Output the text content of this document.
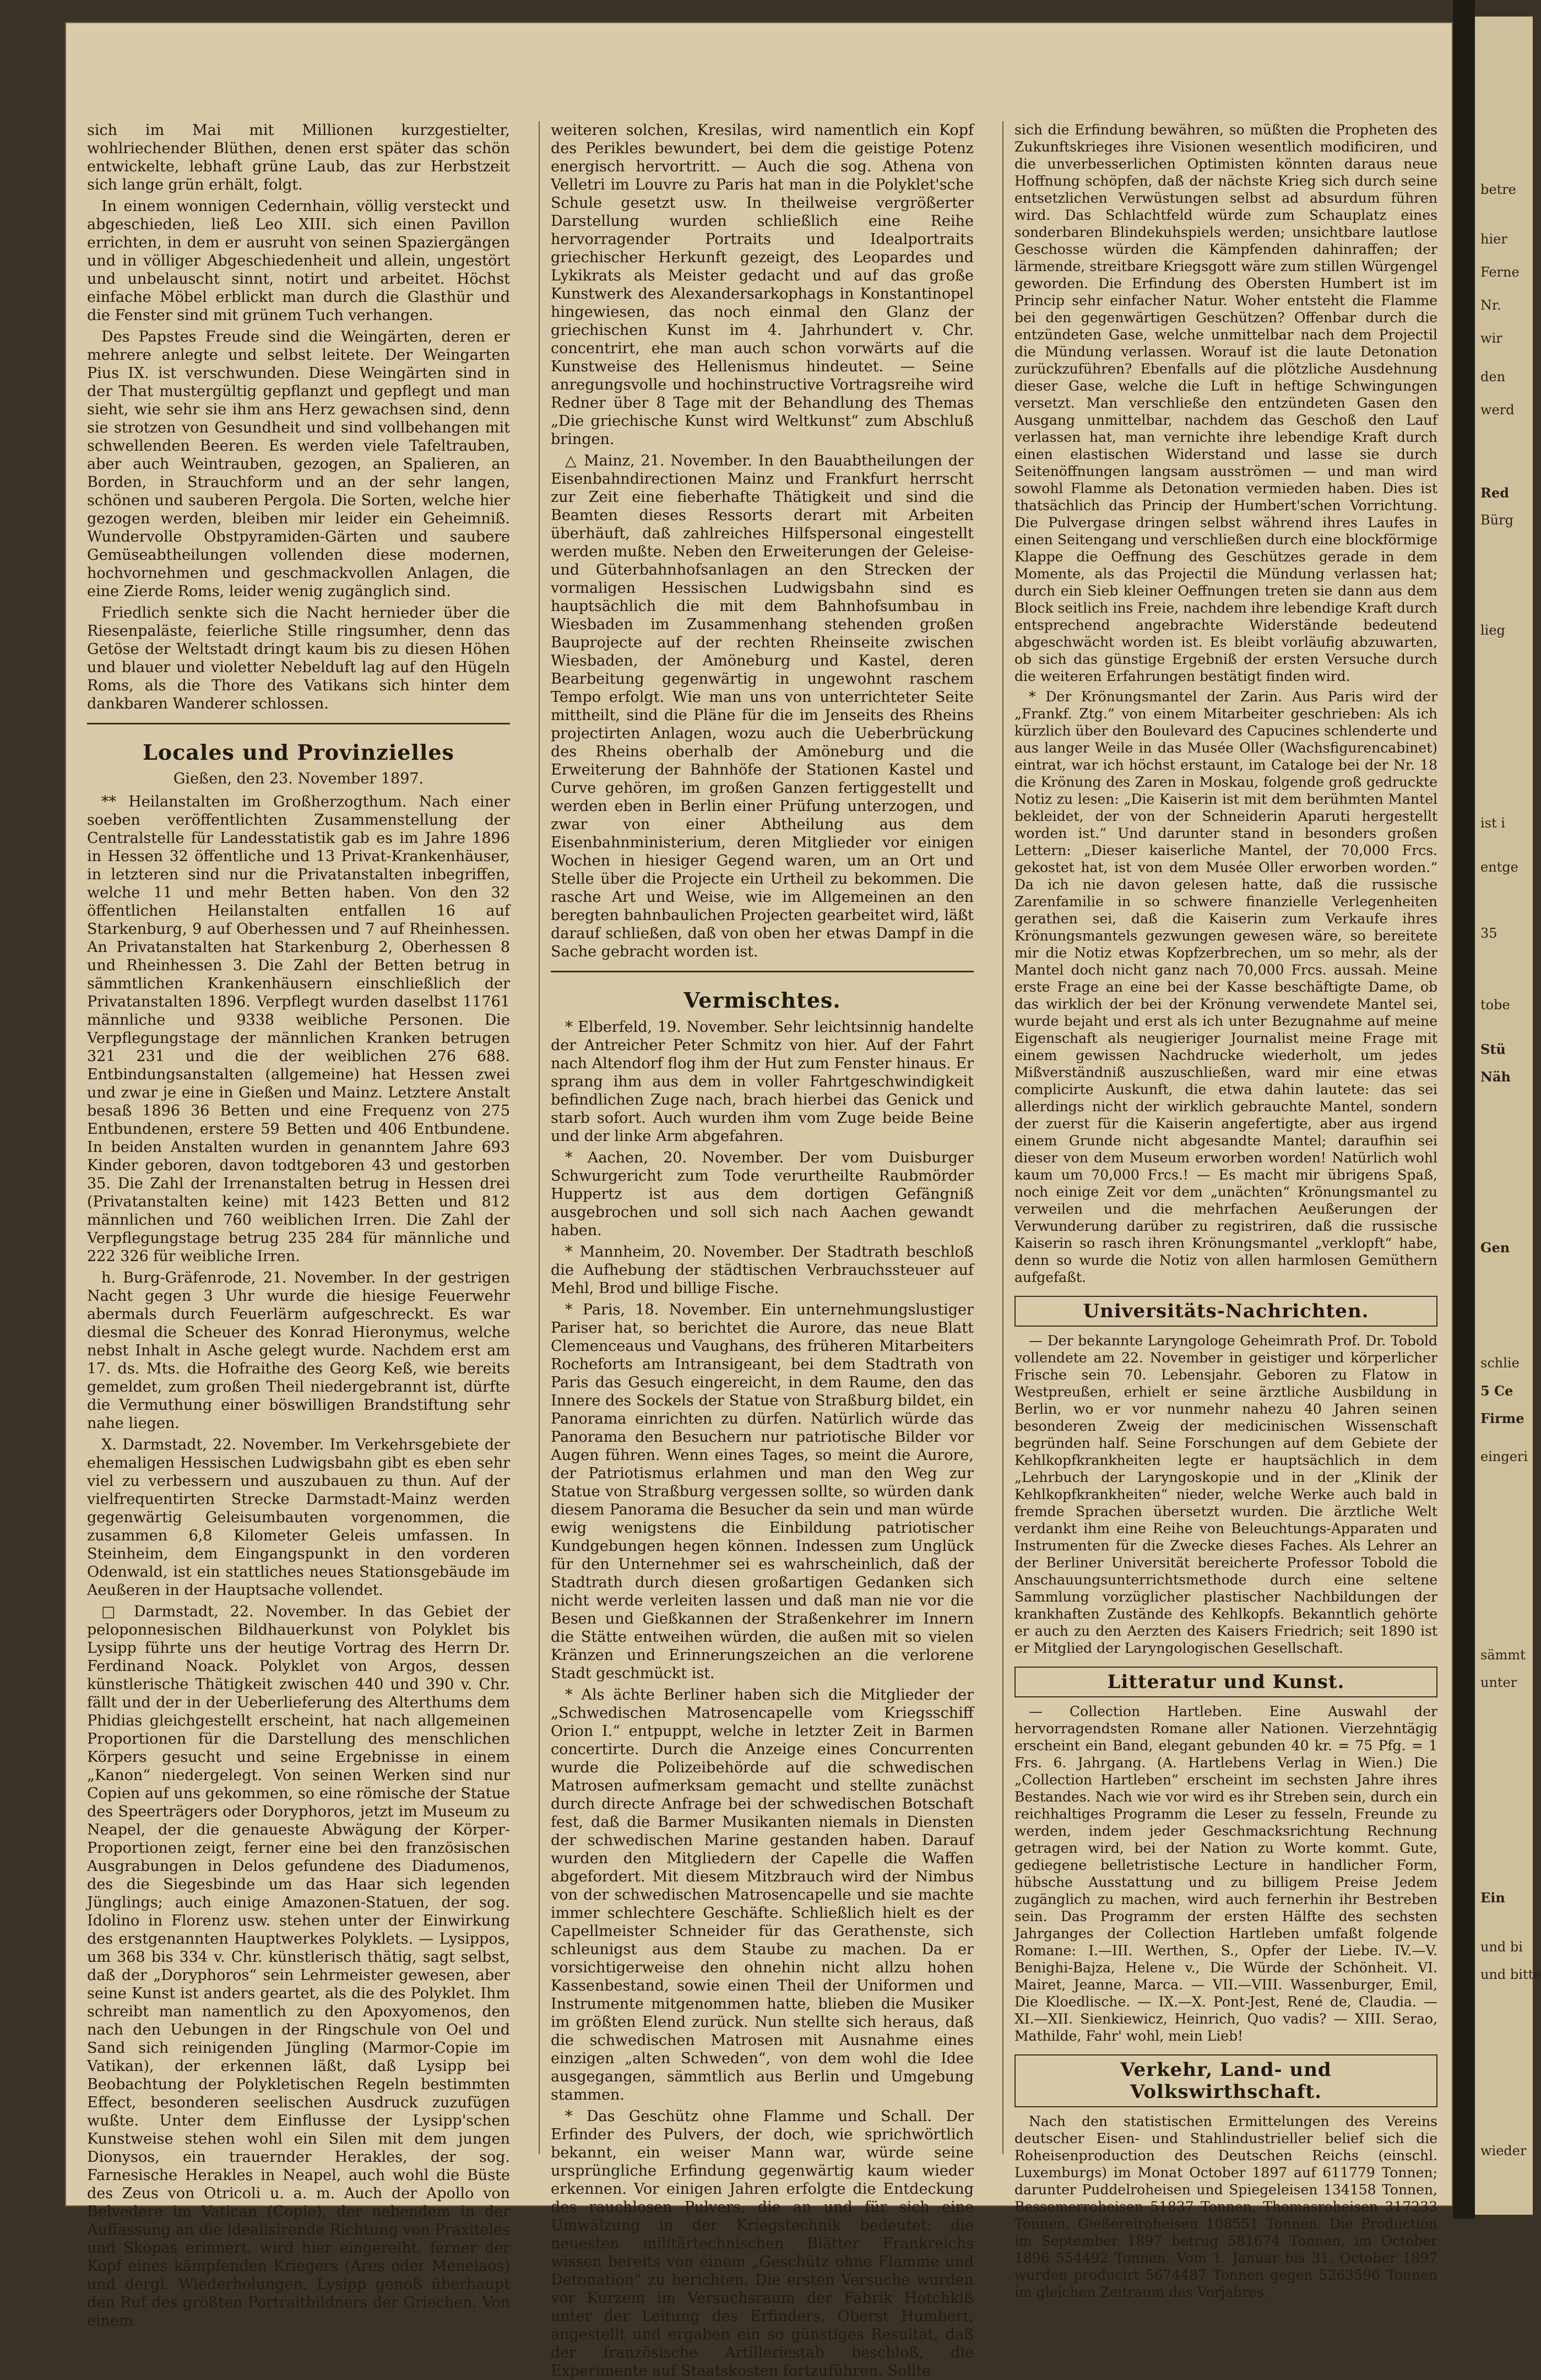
sich im Mai mit Millionen kurzgestielter, wohlriechender Blüthen, denen erst später das schön entwickelte, lebhaft grüne Laub, das zur Herbstzeit sich lange grün erhält, folgt.

In einem wonnigen Cedernhain, völlig versteckt und abgeschieden, ließ Leo XIII. sich einen Pavillon errichten, in dem er ausruht von seinen Spaziergängen und in völliger Abgeschiedenheit und allein, ungestört und unbelauscht sinnt, notirt und arbeitet. Höchst einfache Möbel erblickt man durch die Glasthür und die Fenster sind mit grünem Tuch verhangen.

Des Papstes Freude sind die Weingärten, deren er mehrere anlegte und selbst leitete. Der Weingarten Pius IX. ist verschwunden. Diese Weingärten sind in der That mustergültig gepflanzt und gepflegt und man sieht, wie sehr sie ihm ans Herz gewachsen sind, denn sie strotzen von Gesundheit und sind vollbehangen mit schwellenden Beeren. Es werden viele Tafeltrauben, aber auch Weintrauben, gezogen, an Spalieren, an Borden, in Strauchform und an der sehr langen, schönen und sauberen Pergola. Die Sorten, welche hier gezogen werden, bleiben mir leider ein Geheimniß. Wundervolle Obstpyramiden-Gärten und saubere Gemüseabtheilungen vollenden diese modernen, hochvornehmen und geschmackvollen Anlagen, die eine Zierde Roms, leider wenig zugänglich sind.

Friedlich senkte sich die Nacht hernieder über die Riesenpaläste, feierliche Stille ringsumher, denn das Getöse der Weltstadt dringt kaum bis zu diesen Höhen und blauer und violetter Nebelduft lag auf den Hügeln Roms, als die Thore des Vatikans sich hinter dem dankbaren Wanderer schlossen.

Locales und Provinzielles
Gießen, den 23. November 1897.

** Heilanstalten im Großherzogthum. Nach einer soeben veröffentlichten Zusammenstellung der Centralstelle für Landesstatistik gab es im Jahre 1896 in Hessen 32 öffentliche und 13 Privat-Krankenhäuser, in letzteren sind nur die Privatanstalten inbegriffen, welche 11 und mehr Betten haben. Von den 32 öffentlichen Heilanstalten entfallen 16 auf Starkenburg, 9 auf Oberhessen und 7 auf Rheinhessen. An Privatanstalten hat Starkenburg 2, Oberhessen 8 und Rheinhessen 3. Die Zahl der Betten betrug in sämmtlichen Krankenhäusern einschließlich der Privatanstalten 1896. Verpflegt wurden daselbst 11761 männliche und 9338 weibliche Personen. Die Verpflegungstage der männlichen Kranken betrugen 321 231 und die der weiblichen 276 688. Entbindungsanstalten (allgemeine) hat Hessen zwei und zwar je eine in Gießen und Mainz. Letztere Anstalt besaß 1896 36 Betten und eine Frequenz von 275 Entbundenen, erstere 59 Betten und 406 Entbundene. In beiden Anstalten wurden in genanntem Jahre 693 Kinder geboren, davon todtgeboren 43 und gestorben 35. Die Zahl der Irrenanstalten betrug in Hessen drei (Privatanstalten keine) mit 1423 Betten und 812 männlichen und 760 weiblichen Irren. Die Zahl der Verpflegungstage betrug 235 284 für männliche und 222 326 für weibliche Irren.

h. Burg-Gräfenrode, 21. November. In der gestrigen Nacht gegen 3 Uhr wurde die hiesige Feuerwehr abermals durch Feuerlärm aufgeschreckt. Es war diesmal die Scheuer des Konrad Hieronymus, welche nebst Inhalt in Asche gelegt wurde. Nachdem erst am 17. ds. Mts. die Hofraithe des Georg Keß, wie bereits gemeldet, zum großen Theil niedergebrannt ist, dürfte die Vermuthung einer böswilligen Brandstiftung sehr nahe liegen.

X. Darmstadt, 22. November. Im Verkehrsgebiete der ehemaligen Hessischen Ludwigsbahn gibt es eben sehr viel zu verbessern und auszubauen zu thun. Auf der vielfrequentirten Strecke Darmstadt-Mainz werden gegenwärtig Geleisumbauten vorgenommen, die zusammen 6,8 Kilometer Geleis umfassen. In Steinheim, dem Eingangspunkt in den vorderen Odenwald, ist ein stattliches neues Stationsgebäude im Aeußeren in der Hauptsache vollendet.

□ Darmstadt, 22. November. In das Gebiet der peloponnesischen Bildhauerkunst von Polyklet bis Lysipp führte uns der heutige Vortrag des Herrn Dr. Ferdinand Noack. Polyklet von Argos, dessen künstlerische Thätigkeit zwischen 440 und 390 v. Chr. fällt und der in der Ueberlieferung des Alterthums dem Phidias gleichgestellt erscheint, hat nach allgemeinen Proportionen für die Darstellung des menschlichen Körpers gesucht und seine Ergebnisse in einem „Kanon“ niedergelegt. Von seinen Werken sind nur Copien auf uns gekommen, so eine römische der Statue des Speerträgers oder Doryphoros, jetzt im Museum zu Neapel, der die genaueste Abwägung der Körper-Proportionen zeigt, ferner eine bei den französischen Ausgrabungen in Delos gefundene des Diadumenos, des die Siegesbinde um das Haar sich legenden Jünglings; auch einige Amazonen-Statuen, der sog. Idolino in Florenz usw. stehen unter der Einwirkung des erstgenannten Hauptwerkes Polyklets. — Lysippos, um 368 bis 334 v. Chr. künstlerisch thätig, sagt selbst, daß der „Doryphoros“ sein Lehrmeister gewesen, aber seine Kunst ist anders geartet, als die des Polyklet. Ihm schreibt man namentlich zu den Apoxyomenos, den nach den Uebungen in der Ringschule von Oel und Sand sich reinigenden Jüngling (Marmor-Copie im Vatikan), der erkennen läßt, daß Lysipp bei Beobachtung der Polykletischen Regeln bestimmten Effect, besonderen seelischen Ausdruck zuzufügen wußte. Unter dem Einflusse der Lysipp'schen Kunstweise stehen wohl ein Silen mit dem jungen Dionysos, ein trauernder Herakles, der sog. Farnesische Herakles in Neapel, auch wohl die Büste des Zeus von Otricoli u. a. m. Auch der Apollo von Belvedere im Vatican (Copie), der nebendem in der Auffassung an die idealisirende Richtung von Praxiteles und Skopas erinnert, wird hier eingereiht, ferner der Kopf eines kämpfenden Kriegers (Ares oder Menelaos) und dergl. Wiederholungen. Lysipp genoß überhaupt den Ruf des größten Portraitbildners der Griechen. Von einem

weiteren solchen, Kresilas, wird namentlich ein Kopf des Perikles bewundert, bei dem die geistige Potenz energisch hervortritt. — Auch die sog. Athena von Velletri im Louvre zu Paris hat man in die Polyklet'sche Schule gesetzt usw. In theilweise vergrößerter Darstellung wurden schließlich eine Reihe hervorragender Portraits und Idealportraits griechischer Herkunft gezeigt, des Leopardes und Lykikrats als Meister gedacht und auf das große Kunstwerk des Alexandersarkophags in Konstantinopel hingewiesen, das noch einmal den Glanz der griechischen Kunst im 4. Jahrhundert v. Chr. concentrirt, ehe man auch schon vorwärts auf die Kunstweise des Hellenismus hindeutet. — Seine anregungsvolle und hochinstructive Vortragsreihe wird Redner über 8 Tage mit der Behandlung des Themas „Die griechische Kunst wird Weltkunst“ zum Abschluß bringen.

△ Mainz, 21. November. In den Bauabtheilungen der Eisenbahndirectionen Mainz und Frankfurt herrscht zur Zeit eine fieberhafte Thätigkeit und sind die Beamten dieses Ressorts derart mit Arbeiten überhäuft, daß zahlreiches Hilfspersonal eingestellt werden mußte. Neben den Erweiterungen der Geleise- und Güterbahnhofsanlagen an den Strecken der vormaligen Hessischen Ludwigsbahn sind es hauptsächlich die mit dem Bahnhofsumbau in Wiesbaden im Zusammenhang stehenden großen Bauprojecte auf der rechten Rheinseite zwischen Wiesbaden, der Amöneburg und Kastel, deren Bearbeitung gegenwärtig in ungewohnt raschem Tempo erfolgt. Wie man uns von unterrichteter Seite mittheilt, sind die Pläne für die im Jenseits des Rheins projectirten Anlagen, wozu auch die Ueberbrückung des Rheins oberhalb der Amöneburg und die Erweiterung der Bahnhöfe der Stationen Kastel und Curve gehören, im großen Ganzen fertiggestellt und werden eben in Berlin einer Prüfung unterzogen, und zwar von einer Abtheilung aus dem Eisenbahnministerium, deren Mitglieder vor einigen Wochen in hiesiger Gegend waren, um an Ort und Stelle über die Projecte ein Urtheil zu bekommen. Die rasche Art und Weise, wie im Allgemeinen an den beregten bahnbaulichen Projecten gearbeitet wird, läßt darauf schließen, daß von oben her etwas Dampf in die Sache gebracht worden ist.

Vermischtes.

* Elberfeld, 19. November. Sehr leichtsinnig handelte der Antreicher Peter Schmitz von hier. Auf der Fahrt nach Altendorf flog ihm der Hut zum Fenster hinaus. Er sprang ihm aus dem in voller Fahrtgeschwindigkeit befindlichen Zuge nach, brach hierbei das Genick und starb sofort. Auch wurden ihm vom Zuge beide Beine und der linke Arm abgefahren.

* Aachen, 20. November. Der vom Duisburger Schwurgericht zum Tode verurtheilte Raubmörder Huppertz ist aus dem dortigen Gefängniß ausgebrochen und soll sich nach Aachen gewandt haben.

* Mannheim, 20. November. Der Stadtrath beschloß die Aufhebung der städtischen Verbrauchssteuer auf Mehl, Brod und billige Fische.

* Paris, 18. November. Ein unternehmungslustiger Pariser hat, so berichtet die Aurore, das neue Blatt Clemenceaus und Vaughans, des früheren Mitarbeiters Rocheforts am Intransigeant, bei dem Stadtrath von Paris das Gesuch eingereicht, in dem Raume, den das Innere des Sockels der Statue von Straßburg bildet, ein Panorama einrichten zu dürfen. Natürlich würde das Panorama den Besuchern nur patriotische Bilder vor Augen führen. Wenn eines Tages, so meint die Aurore, der Patriotismus erlahmen und man den Weg zur Statue von Straßburg vergessen sollte, so würden dank diesem Panorama die Besucher da sein und man würde ewig wenigstens die Einbildung patriotischer Kundgebungen hegen können. Indessen zum Unglück für den Unternehmer sei es wahrscheinlich, daß der Stadtrath durch diesen großartigen Gedanken sich nicht werde verleiten lassen und daß man nie vor die Besen und Gießkannen der Straßenkehrer im Innern die Stätte entweihen würden, die außen mit so vielen Kränzen und Erinnerungszeichen an die verlorene Stadt geschmückt ist.

* Als ächte Berliner haben sich die Mitglieder der „Schwedischen Matrosencapelle vom Kriegsschiff Orion I.“ entpuppt, welche in letzter Zeit in Barmen concertirte. Durch die Anzeige eines Concurrenten wurde die Polizeibehörde auf die schwedischen Matrosen aufmerksam gemacht und stellte zunächst durch directe Anfrage bei der schwedischen Botschaft fest, daß die Barmer Musikanten niemals in Diensten der schwedischen Marine gestanden haben. Darauf wurden den Mitgliedern der Capelle die Waffen abgefordert. Mit diesem Mitzbrauch wird der Nimbus von der schwedischen Matrosencapelle und sie machte immer schlechtere Geschäfte. Schließlich hielt es der Capellmeister Schneider für das Gerathenste, sich schleunigst aus dem Staube zu machen. Da er vorsichtigerweise den ohnehin nicht allzu hohen Kassenbestand, sowie einen Theil der Uniformen und Instrumente mitgenommen hatte, blieben die Musiker im größten Elend zurück. Nun stellte sich heraus, daß die schwedischen Matrosen mit Ausnahme eines einzigen „alten Schweden“, von dem wohl die Idee ausgegangen, sämmtlich aus Berlin und Umgebung stammen.

* Das Geschütz ohne Flamme und Schall. Der Erfinder des Pulvers, der doch, wie sprichwörtlich bekannt, ein weiser Mann war, würde seine ursprüngliche Erfindung gegenwärtig kaum wieder erkennen. Vor einigen Jahren erfolgte die Entdeckung des rauchlosen Pulvers, die an und für sich eine Umwälzung in der Kriegstechnik bedeutet; die neuesten militärtechnischen Blätter Frankreichs wissen bereits von einem „Geschütz ohne Flamme und Detonation“ zu berichten. Die ersten Versuche wurden vor Kurzem im Versuchsraum der Fabrik Hotchkiß unter der Leitung des Erfinders, Oberst Humbert, angestellt und ergaben ein so günstiges Resultat, daß der französische Artilleriestab beschloß, die Experimente auf Staatskosten fortzuführen. Sollte

sich die Erfindung bewähren, so müßten die Propheten des Zukunftskrieges ihre Visionen wesentlich modificiren, und die unverbesserlichen Optimisten könnten daraus neue Hoffnung schöpfen, daß der nächste Krieg sich durch seine entsetzlichen Verwüstungen selbst ad absurdum führen wird. Das Schlachtfeld würde zum Schauplatz eines sonderbaren Blindekuhspiels werden; unsichtbare lautlose Geschosse würden die Kämpfenden dahinraffen; der lärmende, streitbare Kriegsgott wäre zum stillen Würgengel geworden. Die Erfindung des Obersten Humbert ist im Princip sehr einfacher Natur. Woher entsteht die Flamme bei den gegenwärtigen Geschützen? Offenbar durch die entzündeten Gase, welche unmittelbar nach dem Projectil die Mündung verlassen. Worauf ist die laute Detonation zurückzuführen? Ebenfalls auf die plötzliche Ausdehnung dieser Gase, welche die Luft in heftige Schwingungen versetzt. Man verschließe den entzündeten Gasen den Ausgang unmittelbar, nachdem das Geschoß den Lauf verlassen hat, man vernichte ihre lebendige Kraft durch einen elastischen Widerstand und lasse sie durch Seitenöffnungen langsam ausströmen — und man wird sowohl Flamme als Detonation vermieden haben. Dies ist thatsächlich das Princip der Humbert'schen Vorrichtung. Die Pulvergase dringen selbst während ihres Laufes in einen Seitengang und verschließen durch eine blockförmige Klappe die Oeffnung des Geschützes gerade in dem Momente, als das Projectil die Mündung verlassen hat; durch ein Sieb kleiner Oeffnungen treten sie dann aus dem Block seitlich ins Freie, nachdem ihre lebendige Kraft durch entsprechend angebrachte Widerstände bedeutend abgeschwächt worden ist. Es bleibt vorläufig abzuwarten, ob sich das günstige Ergebniß der ersten Versuche durch die weiteren Erfahrungen bestätigt finden wird.

* Der Krönungsmantel der Zarin. Aus Paris wird der „Frankf. Ztg.“ von einem Mitarbeiter geschrieben: Als ich kürzlich über den Boulevard des Capucines schlenderte und aus langer Weile in das Musée Oller (Wachsfigurencabinet) eintrat, war ich höchst erstaunt, im Cataloge bei der Nr. 18 die Krönung des Zaren in Moskau, folgende groß gedruckte Notiz zu lesen: „Die Kaiserin ist mit dem berühmten Mantel bekleidet, der von der Schneiderin Aparuti hergestellt worden ist.“ Und darunter stand in besonders großen Lettern: „Dieser kaiserliche Mantel, der 70,000 Frcs. gekostet hat, ist von dem Musée Oller erworben worden.“ Da ich nie davon gelesen hatte, daß die russische Zarenfamilie in so schwere finanzielle Verlegenheiten gerathen sei, daß die Kaiserin zum Verkaufe ihres Krönungsmantels gezwungen gewesen wäre, so bereitete mir die Notiz etwas Kopfzerbrechen, um so mehr, als der Mantel doch nicht ganz nach 70,000 Frcs. aussah. Meine erste Frage an eine bei der Kasse beschäftigte Dame, ob das wirklich der bei der Krönung verwendete Mantel sei, wurde bejaht und erst als ich unter Bezugnahme auf meine Eigenschaft als neugieriger Journalist meine Frage mit einem gewissen Nachdrucke wiederholt, um jedes Mißverständniß auszuschließen, ward mir eine etwas complicirte Auskunft, die etwa dahin lautete: das sei allerdings nicht der wirklich gebrauchte Mantel, sondern der zuerst für die Kaiserin angefertigte, aber aus irgend einem Grunde nicht abgesandte Mantel; daraufhin sei dieser von dem Museum erworben worden! Natürlich wohl kaum um 70,000 Frcs.! — Es macht mir übrigens Spaß, noch einige Zeit vor dem „unächten“ Krönungsmantel zu verweilen und die mehrfachen Aeußerungen der Verwunderung darüber zu registriren, daß die russische Kaiserin so rasch ihren Krönungsmantel „verklopft“ habe, denn so wurde die Notiz von allen harmlosen Gemüthern aufgefaßt.

Universitäts-Nachrichten.

— Der bekannte Laryngologe Geheimrath Prof. Dr. Tobold vollendete am 22. November in geistiger und körperlicher Frische sein 70. Lebensjahr. Geboren zu Flatow in Westpreußen, erhielt er seine ärztliche Ausbildung in Berlin, wo er vor nunmehr nahezu 40 Jahren seinen besonderen Zweig der medicinischen Wissenschaft begründen half. Seine Forschungen auf dem Gebiete der Kehlkopfkrankheiten legte er hauptsächlich in dem „Lehrbuch der Laryngoskopie und in der „Klinik der Kehlkopfkrankheiten“ nieder, welche Werke auch bald in fremde Sprachen übersetzt wurden. Die ärztliche Welt verdankt ihm eine Reihe von Beleuchtungs-Apparaten und Instrumenten für die Zwecke dieses Faches. Als Lehrer an der Berliner Universität bereicherte Professor Tobold die Anschauungsunterrichtsmethode durch eine seltene Sammlung vorzüglicher plastischer Nachbildungen der krankhaften Zustände des Kehlkopfs. Bekanntlich gehörte er auch zu den Aerzten des Kaisers Friedrich; seit 1890 ist er Mitglied der Laryngologischen Gesellschaft.

Litteratur und Kunst.

— Collection Hartleben. Eine Auswahl der hervorragendsten Romane aller Nationen. Vierzehntägig erscheint ein Band, elegant gebunden 40 kr. = 75 Pfg. = 1 Frs. 6. Jahrgang. (A. Hartlebens Verlag in Wien.) Die „Collection Hartleben“ erscheint im sechsten Jahre ihres Bestandes. Nach wie vor wird es ihr Streben sein, durch ein reichhaltiges Programm die Leser zu fesseln, Freunde zu werden, indem jeder Geschmacksrichtung Rechnung getragen wird, bei der Nation zu Worte kommt. Gute, gediegene belletristische Lecture in handlicher Form, hübsche Ausstattung und zu billigem Preise Jedem zugänglich zu machen, wird auch fernerhin ihr Bestreben sein. Das Programm der ersten Hälfte des sechsten Jahrganges der Collection Hartleben umfaßt folgende Romane: I.—III. Werthen, S., Opfer der Liebe. IV.—V. Benighi-Bajza, Helene v., Die Würde der Schönheit. VI. Mairet, Jeanne, Marca. — VII.—VIII. Wassenburger, Emil, Die Kloedlische. — IX.—X. Pont-Jest, René de, Claudia. — XI.—XII. Sienkiewicz, Heinrich, Quo vadis? — XIII. Serao, Mathilde, Fahr' wohl, mein Lieb!

Verkehr, Land- und Volkswirthschaft.

Nach den statistischen Ermittelungen des Vereins deutscher Eisen- und Stahlindustrieller belief sich die Roheisenproduction des Deutschen Reichs (einschl. Luxemburgs) im Monat October 1897 auf 611779 Tonnen; darunter Puddelroheisen und Spiegeleisen 134158 Tonnen, Bessemerroheisen 51837 Tonnen, Thomasroheisen 317233 Tonnen, Gießereiroheisen 108551 Tonnen. Die Production im September 1897 betrug 581674 Tonnen, im October 1896 554492 Tonnen. Vom 1. Januar bis 31. October 1897 wurden producirt 5674487 Tonnen gegen 5263596 Tonnen im gleichen Zeitraum des Vorjahres.

betre
hier
Ferne
Nr.
wir
den
werd
Red
Bürg
lieg
ist i
entge
35
tobe
Stü
Näh
Gen
schlie
5 Ce
Firme
eingeri
sämmt
unter
Ein
und bi
und bitte
wieder
